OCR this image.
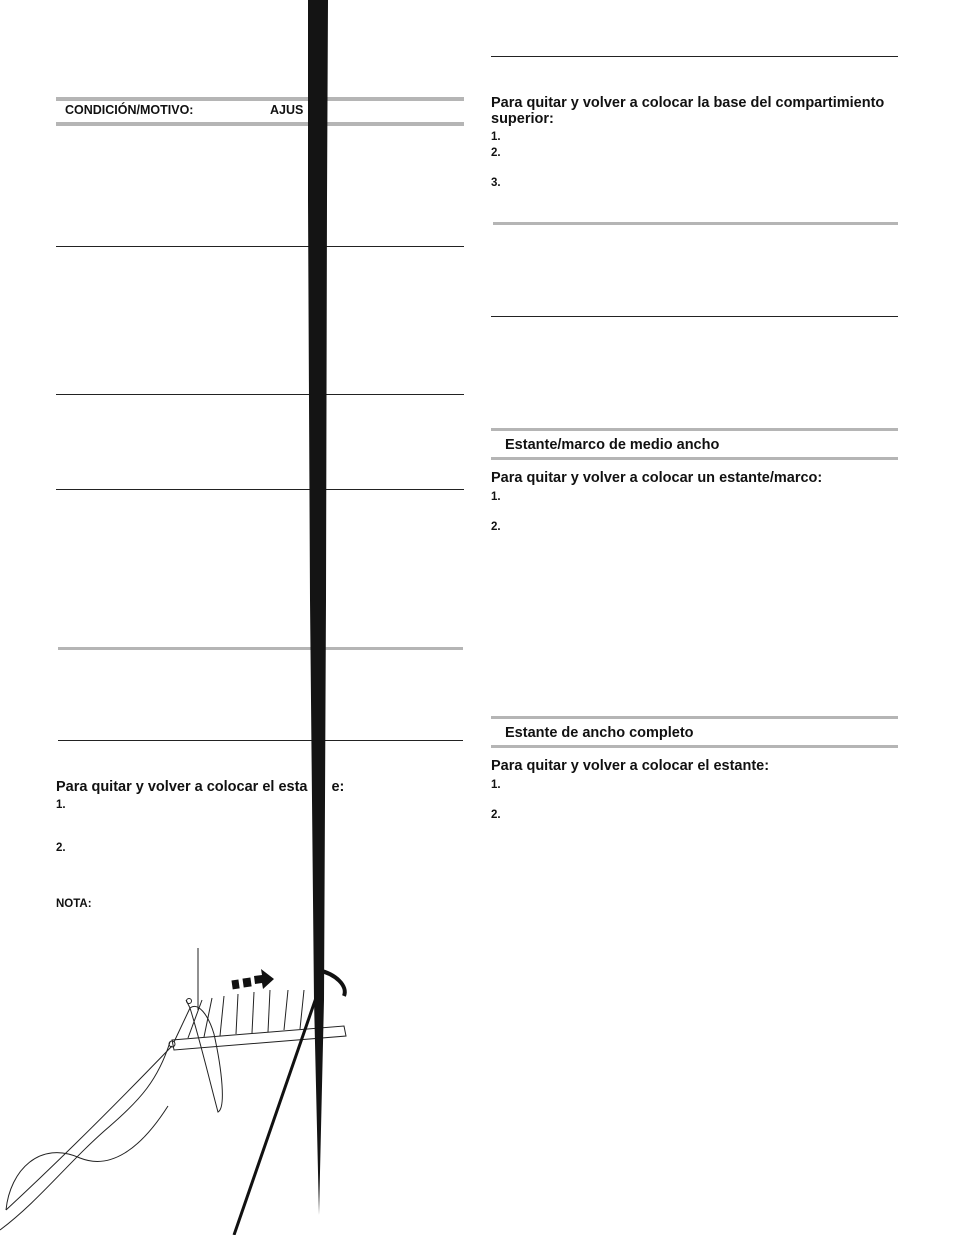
CONDICIÓN/MOTIVO:	AJUS
Para quitar y volver a colocar el esta e:
1.
2.
NOTA:
Para quitar y volver a colocar la base del compartimiento superior:
1.
2.
3.
Estante/marco de medio ancho
Para quitar y volver a colocar un estante/marco:
1.
2.
Estante de ancho completo
Para quitar y volver a colocar el estante:
1.
2.
